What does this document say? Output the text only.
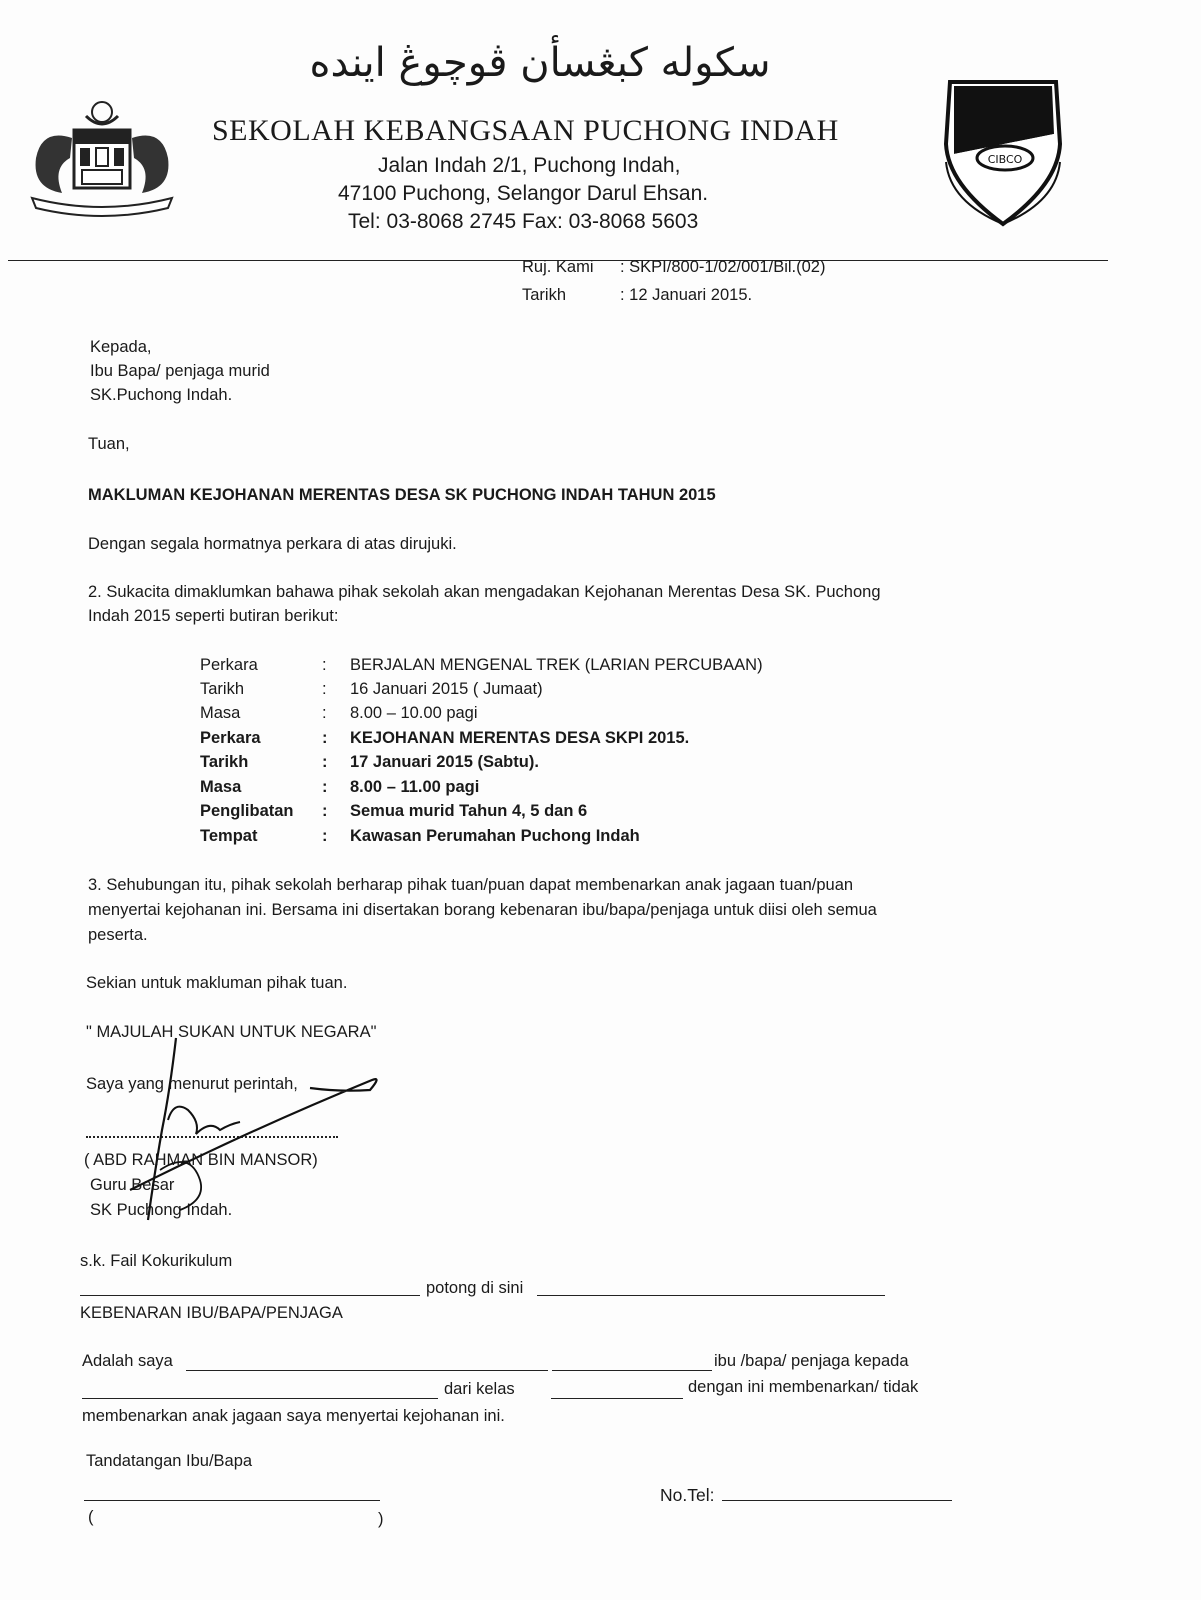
CIBCO
سکوله کبڠسأن ڤوچوڠ ايندە
SEKOLAH KEBANGSAAN PUCHONG INDAH
Jalan Indah 2/1, Puchong Indah,
47100 Puchong, Selangor Darul Ehsan.
Tel: 03-8068 2745 Fax: 03-8068 5603
Ruj. Kami : SKPI/800-1/02/001/Bil.(02)
Tarikh	: 12 Januari 2015.
Kepada,
Ibu Bapa/ penjaga murid
SK.Puchong Indah.
Tuan,
MAKLUMAN KEJOHANAN MERENTAS DESA SK PUCHONG INDAH TAHUN 2015
Dengan segala hormatnya perkara di atas dirujuki.
2. Sukacita dimaklumkan bahawa pihak sekolah akan mengadakan Kejohanan Merentas Desa SK. Puchong
Indah 2015 seperti butiran berikut:
Perkara	: BERJALAN MENGENAL TREK (LARIAN PERCUBAAN)
Tarikh	: 16 Januari 2015 ( Jumaat)
Masa	: 8.00 – 10.00 pagi
Perkara	: KEJOHANAN MERENTAS DESA SKPI 2015.
Tarikh	: 17 Januari 2015 (Sabtu).
Masa	: 8.00 – 11.00 pagi
Penglibatan : Semua murid Tahun 4, 5 dan 6
Tempat	: Kawasan Perumahan Puchong Indah
3. Sehubungan itu, pihak sekolah berharap pihak tuan/puan dapat membenarkan anak jagaan tuan/puan
menyertai kejohanan ini. Bersama ini disertakan borang kebenaran ibu/bapa/penjaga untuk diisi oleh semua
peserta.
Sekian untuk makluman pihak tuan.
" MAJULAH SUKAN UNTUK NEGARA"
Saya yang menurut perintah,
( ABD RAHMAN BIN MANSOR)
Guru Besar
SK Puchong Indah.
s.k. Fail Kokurikulum
potong di sini
KEBENARAN IBU/BAPA/PENJAGA
Adalah saya	ibu /bapa/ penjaga kepada
dari kelas	dengan ini membenarkan/ tidak
membenarkan anak jagaan saya menyertai kejohanan ini.
Tandatangan Ibu/Bapa
(	)
No.Tel:
